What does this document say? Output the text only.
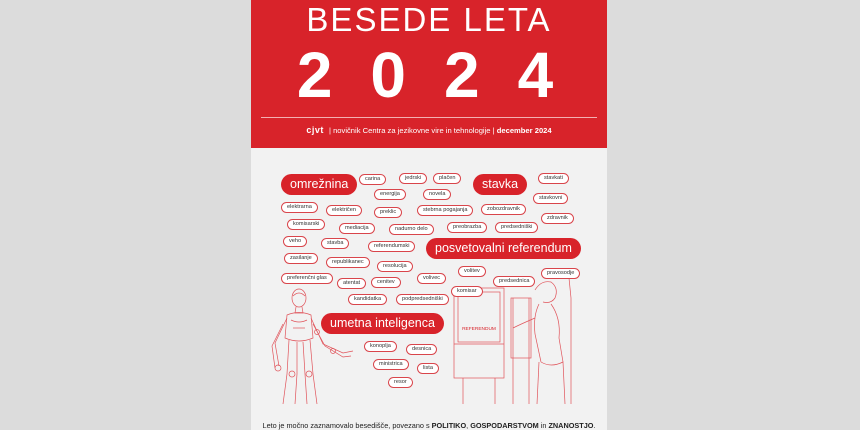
BESEDE LETA
2024
cjvt | novičnik Centra za jezikovne vire in tehnologije | december 2024
REFERENDUM
omrežnina	stavka
posvetovalni referendum
umetna inteligenca
carina	jedrski	plačen	stavkati
energija	novela
stavkovni
elektrarna	električen	preklic	stebrna pogajanja	zobozdravnik
zdravnik
komisarski
mediacija	nadurno delo	preobrazba	predsedniški
veho	stavba	referendumski
zasilanje
republikanec
resolucija
volitev	pravosodje
preferenčni glas
atentat	cenitev
volivec	predsednica
komisar
kandidatka	podpredsedniški
konoplja	desnica
ministrica
lista
resor
Leto je močno zaznamovalo besedišče, povezano s POLITIKO, GOSPODARSTVOM in ZNANOSTJO.
